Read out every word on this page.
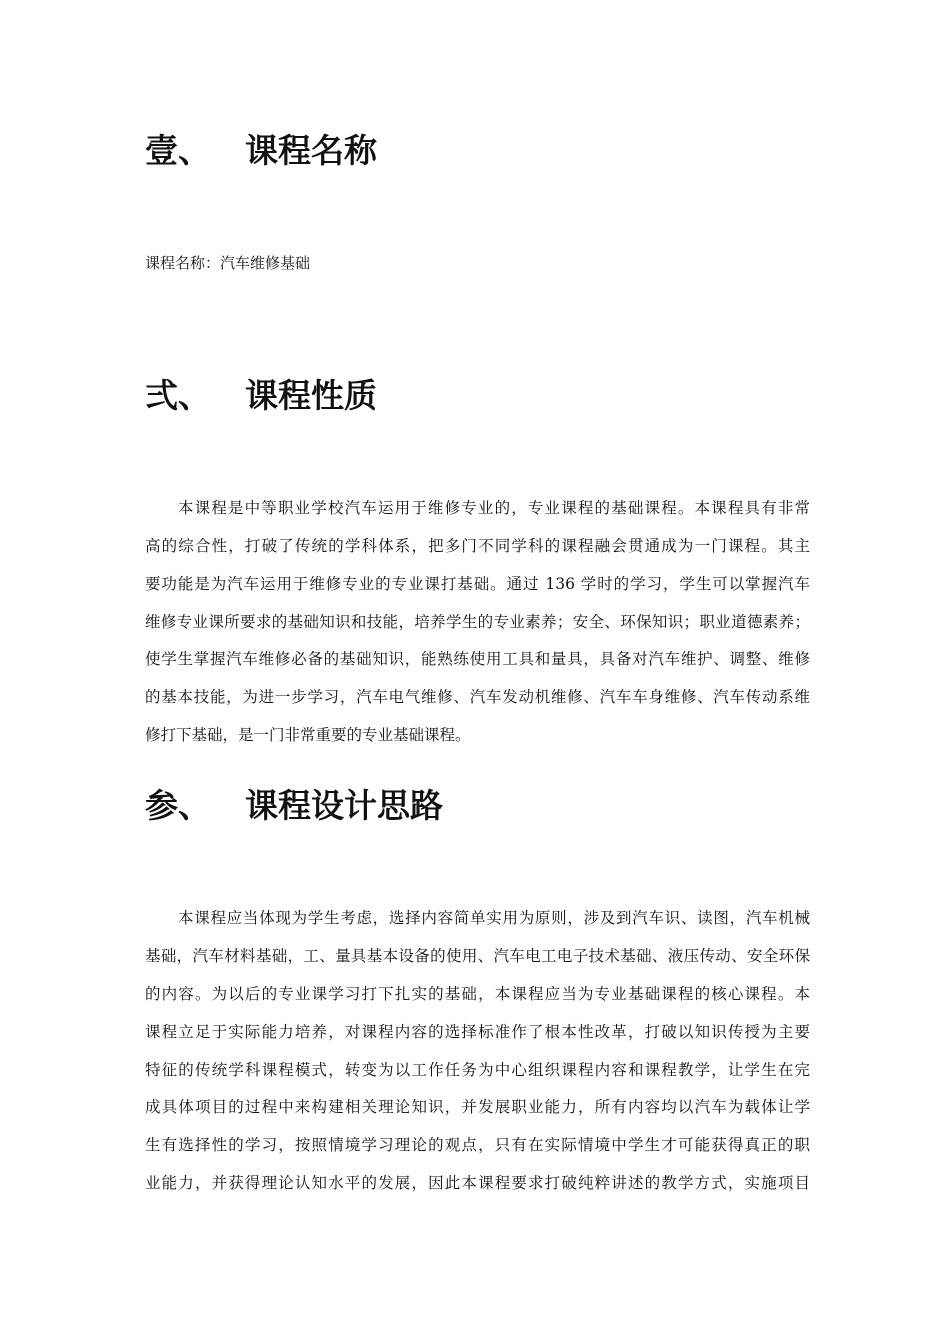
壹、 课程名称
课程名称：汽车维修基础
弍、 课程性质
本课程是中等职业学校汽车运用于维修专业的，专业课程的基础课程。本课程具有非常
高的综合性，打破了传统的学科体系，把多门不同学科的课程融会贯通成为一门课程。其主
要功能是为汽车运用于维修专业的专业课打基础。通过 136 学时的学习，学生可以掌握汽车
维修专业课所要求的基础知识和技能，培养学生的专业素养；安全、环保知识；职业道德素养；
使学生掌握汽车维修必备的基础知识，能熟练使用工具和量具，具备对汽车维护、调整、维修
的基本技能，为进一步学习，汽车电气维修、汽车发动机维修、汽车车身维修、汽车传动系维
修打下基础，是一门非常重要的专业基础课程。
参、 课程设计思路
本课程应当体现为学生考虑，选择内容简单实用为原则，涉及到汽车识、读图，汽车机械
基础，汽车材料基础，工、量具基本设备的使用、汽车电工电子技术基础、液压传动、安全环保
的内容。为以后的专业课学习打下扎实的基础，本课程应当为专业基础课程的核心课程。本
课程立足于实际能力培养，对课程内容的选择标准作了根本性改革，打破以知识传授为主要
特征的传统学科课程模式，转变为以工作任务为中心组织课程内容和课程教学，让学生在完
成具体项目的过程中来构建相关理论知识，并发展职业能力，所有内容均以汽车为载体让学
生有选择性的学习，按照情境学习理论的观点，只有在实际情境中学生才可能获得真正的职
业能力，并获得理论认知水平的发展，因此本课程要求打破纯粹讲述的教学方式，实施项目
